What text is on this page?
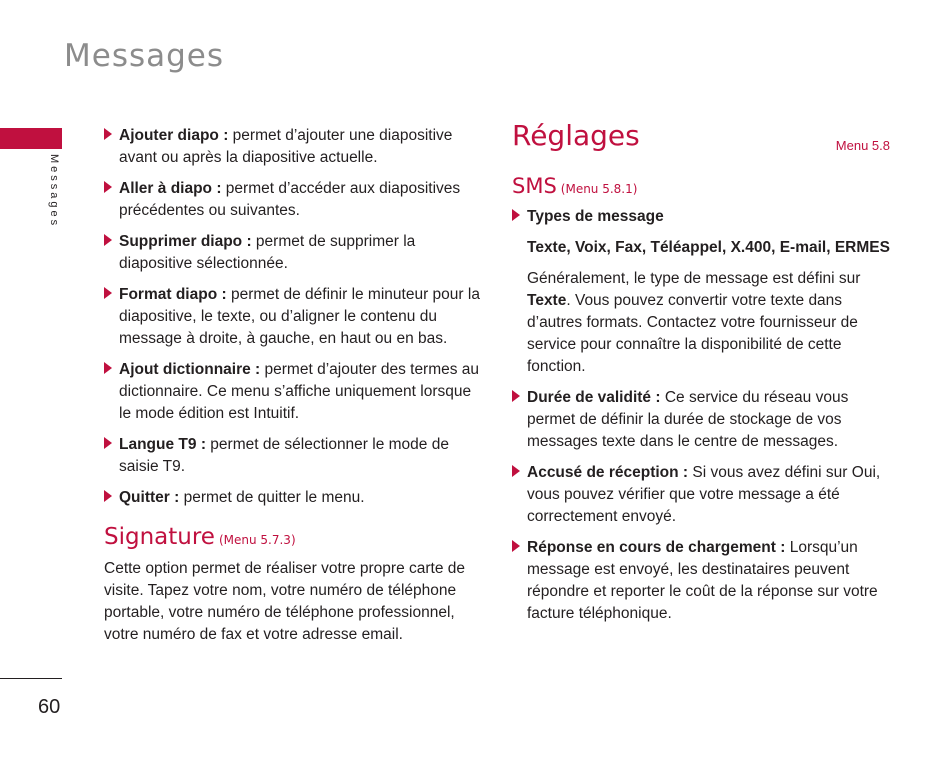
Messages
Messages
60
Ajouter diapo : permet d’ajouter une diapositive avant ou après la diapositive actuelle.
Aller à diapo : permet d’accéder aux diapositives précédentes ou suivantes.
Supprimer diapo : permet de supprimer la diapositive sélectionnée.
Format diapo : permet de définir le minuteur pour la diapositive, le texte, ou d’aligner le contenu du message à droite, à gauche, en haut ou en bas.
Ajout dictionnaire : permet d’ajouter des termes au dictionnaire. Ce menu s’affiche uniquement lorsque le mode édition est Intuitif.
Langue T9 : permet de sélectionner le mode de saisie T9.
Quitter : permet de quitter le menu.
Signature (Menu 5.7.3)

Cette option permet de réaliser votre propre carte de visite. Tapez votre nom, votre numéro de téléphone portable, votre numéro de téléphone professionnel, votre numéro de fax et votre adresse email.

Réglages	Menu 5.8
SMS (Menu 5.8.1)
Types de message
Texte, Voix, Fax, Téléappel, X.400, E-mail, ERMES
Généralement, le type de message est défini sur Texte. Vous pouvez convertir votre texte dans d’autres formats. Contactez votre fournisseur de service pour connaître la disponibilité de cette fonction.
Durée de validité : Ce service du réseau vous permet de définir la durée de stockage de vos messages texte dans le centre de messages.
Accusé de réception : Si vous avez défini sur Oui, vous pouvez vérifier que votre message a été correctement envoyé.
Réponse en cours de chargement : Lorsqu’un message est envoyé, les destinataires peuvent répondre et reporter le coût de la réponse sur votre facture téléphonique.
